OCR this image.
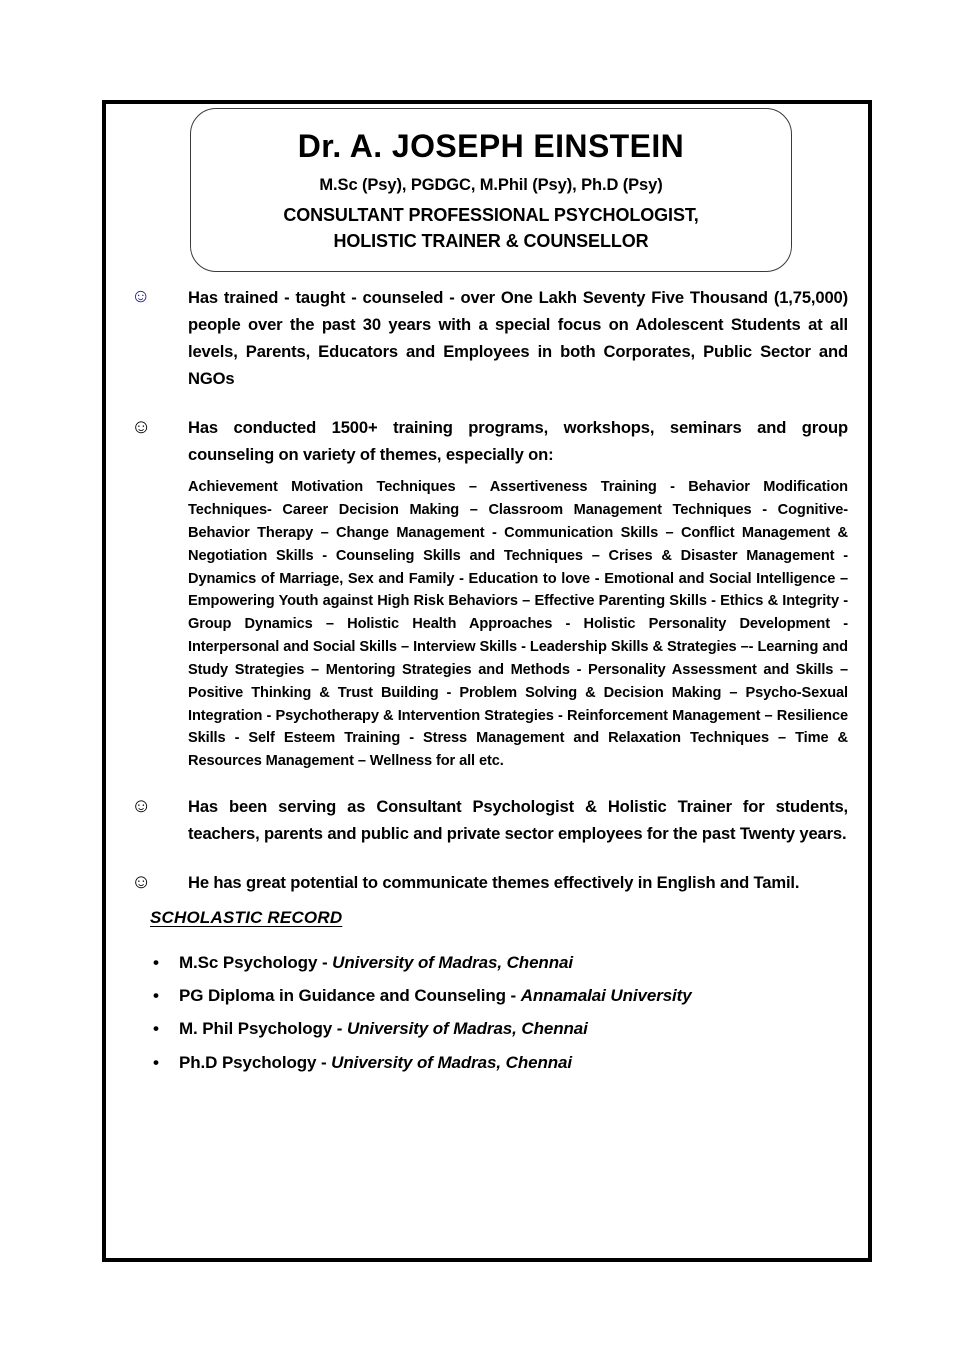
Dr. A. JOSEPH EINSTEIN
M.Sc (Psy), PGDGC, M.Phil (Psy), Ph.D (Psy)
CONSULTANT PROFESSIONAL PSYCHOLOGIST,
HOLISTIC TRAINER & COUNSELLOR
☺ Has trained - taught - counseled - over One Lakh Seventy Five Thousand (1,75,000) people over the past 30 years with a special focus on Adolescent Students at all levels, Parents, Educators and Employees in both Corporates, Public Sector and NGOs
☺ Has conducted 1500+ training programs, workshops, seminars and group counseling on variety of themes, especially on:
Achievement Motivation Techniques – Assertiveness Training - Behavior Modification Techniques- Career Decision Making – Classroom Management Techniques - Cognitive-Behavior Therapy – Change Management - Communication Skills – Conflict Management & Negotiation Skills - Counseling Skills and Techniques – Crises & Disaster Management - Dynamics of Marriage, Sex and Family - Education to love - Emotional and Social Intelligence – Empowering Youth against High Risk Behaviors – Effective Parenting Skills - Ethics & Integrity - Group Dynamics – Holistic Health Approaches - Holistic Personality Development - Interpersonal and Social Skills – Interview Skills - Leadership Skills & Strategies –- Learning and Study Strategies – Mentoring Strategies and Methods - Personality Assessment and Skills – Positive Thinking & Trust Building - Problem Solving & Decision Making – Psycho-Sexual Integration - Psychotherapy & Intervention Strategies - Reinforcement Management – Resilience Skills - Self Esteem Training - Stress Management and Relaxation Techniques – Time & Resources Management – Wellness for all etc.
☺ Has been serving as Consultant Psychologist & Holistic Trainer for students, teachers, parents and public and private sector employees for the past Twenty years.
☺ He has great potential to communicate themes effectively in English and Tamil.
SCHOLASTIC RECORD
• M.Sc Psychology - University of Madras, Chennai
• PG Diploma in Guidance and Counseling - Annamalai University
• M. Phil Psychology - University of Madras, Chennai
• Ph.D Psychology - University of Madras, Chennai
